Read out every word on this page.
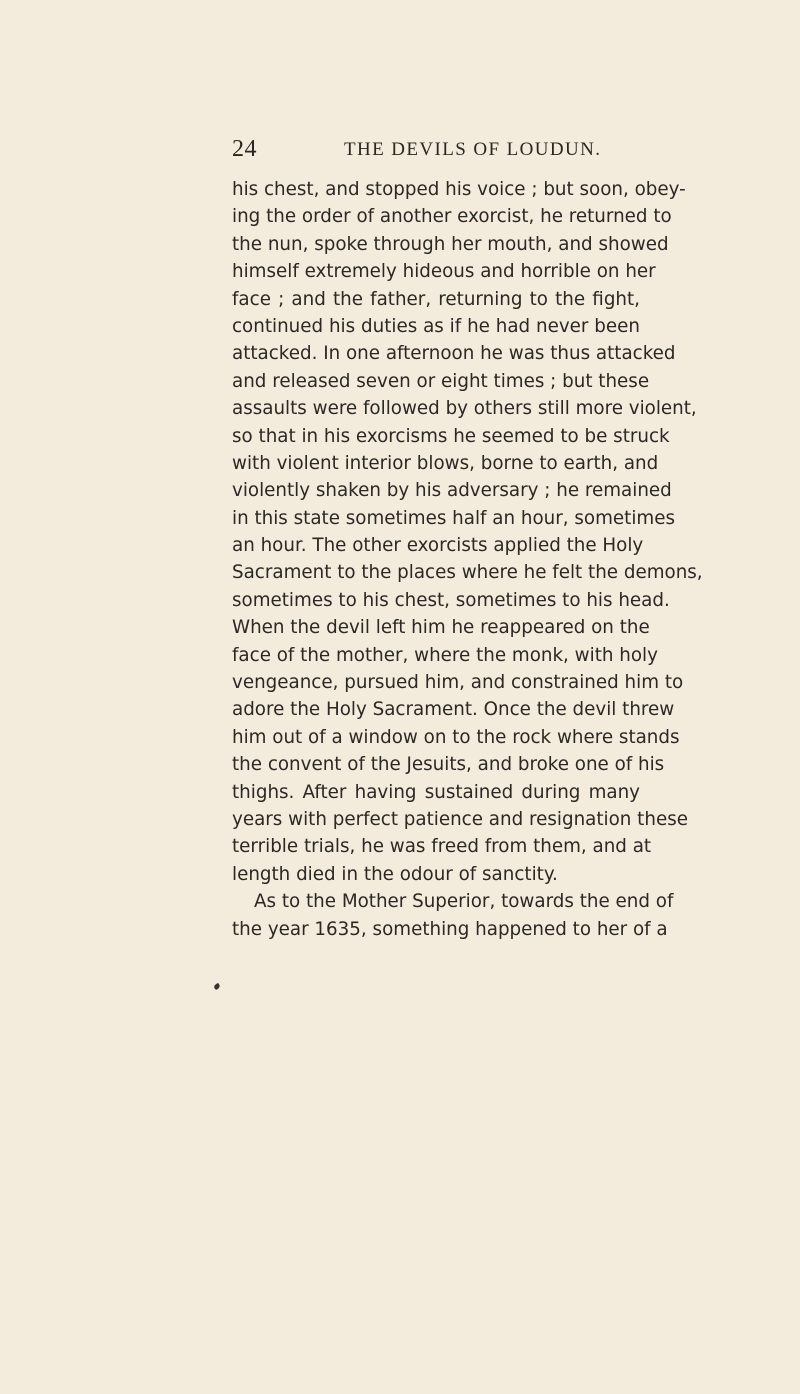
24	THE DEVILS OF LOUDUN.
his chest, and stopped his voice ; but soon, obey-
ing the order of another exorcist, he returned to
the nun, spoke through her mouth, and showed
himself extremely hideous and horrible on her
face ; and the father, returning to the fight,
continued his duties as if he had never been
attacked. In one afternoon he was thus attacked
and released seven or eight times ; but these
assaults were followed by others still more violent,
so that in his exorcisms he seemed to be struck
with violent interior blows, borne to earth, and
violently shaken by his adversary ; he remained
in this state sometimes half an hour, sometimes
an hour. The other exorcists applied the Holy
Sacrament to the places where he felt the demons,
sometimes to his chest, sometimes to his head.
When the devil left him he reappeared on the
face of the mother, where the monk, with holy
vengeance, pursued him, and constrained him to
adore the Holy Sacrament. Once the devil threw
him out of a window on to the rock where stands
the convent of the Jesuits, and broke one of his
thighs. After having sustained during many
years with perfect patience and resignation these
terrible trials, he was freed from them, and at
length died in the odour of sanctity.
As to the Mother Superior, towards the end of
the year 1635, something happened to her of a
